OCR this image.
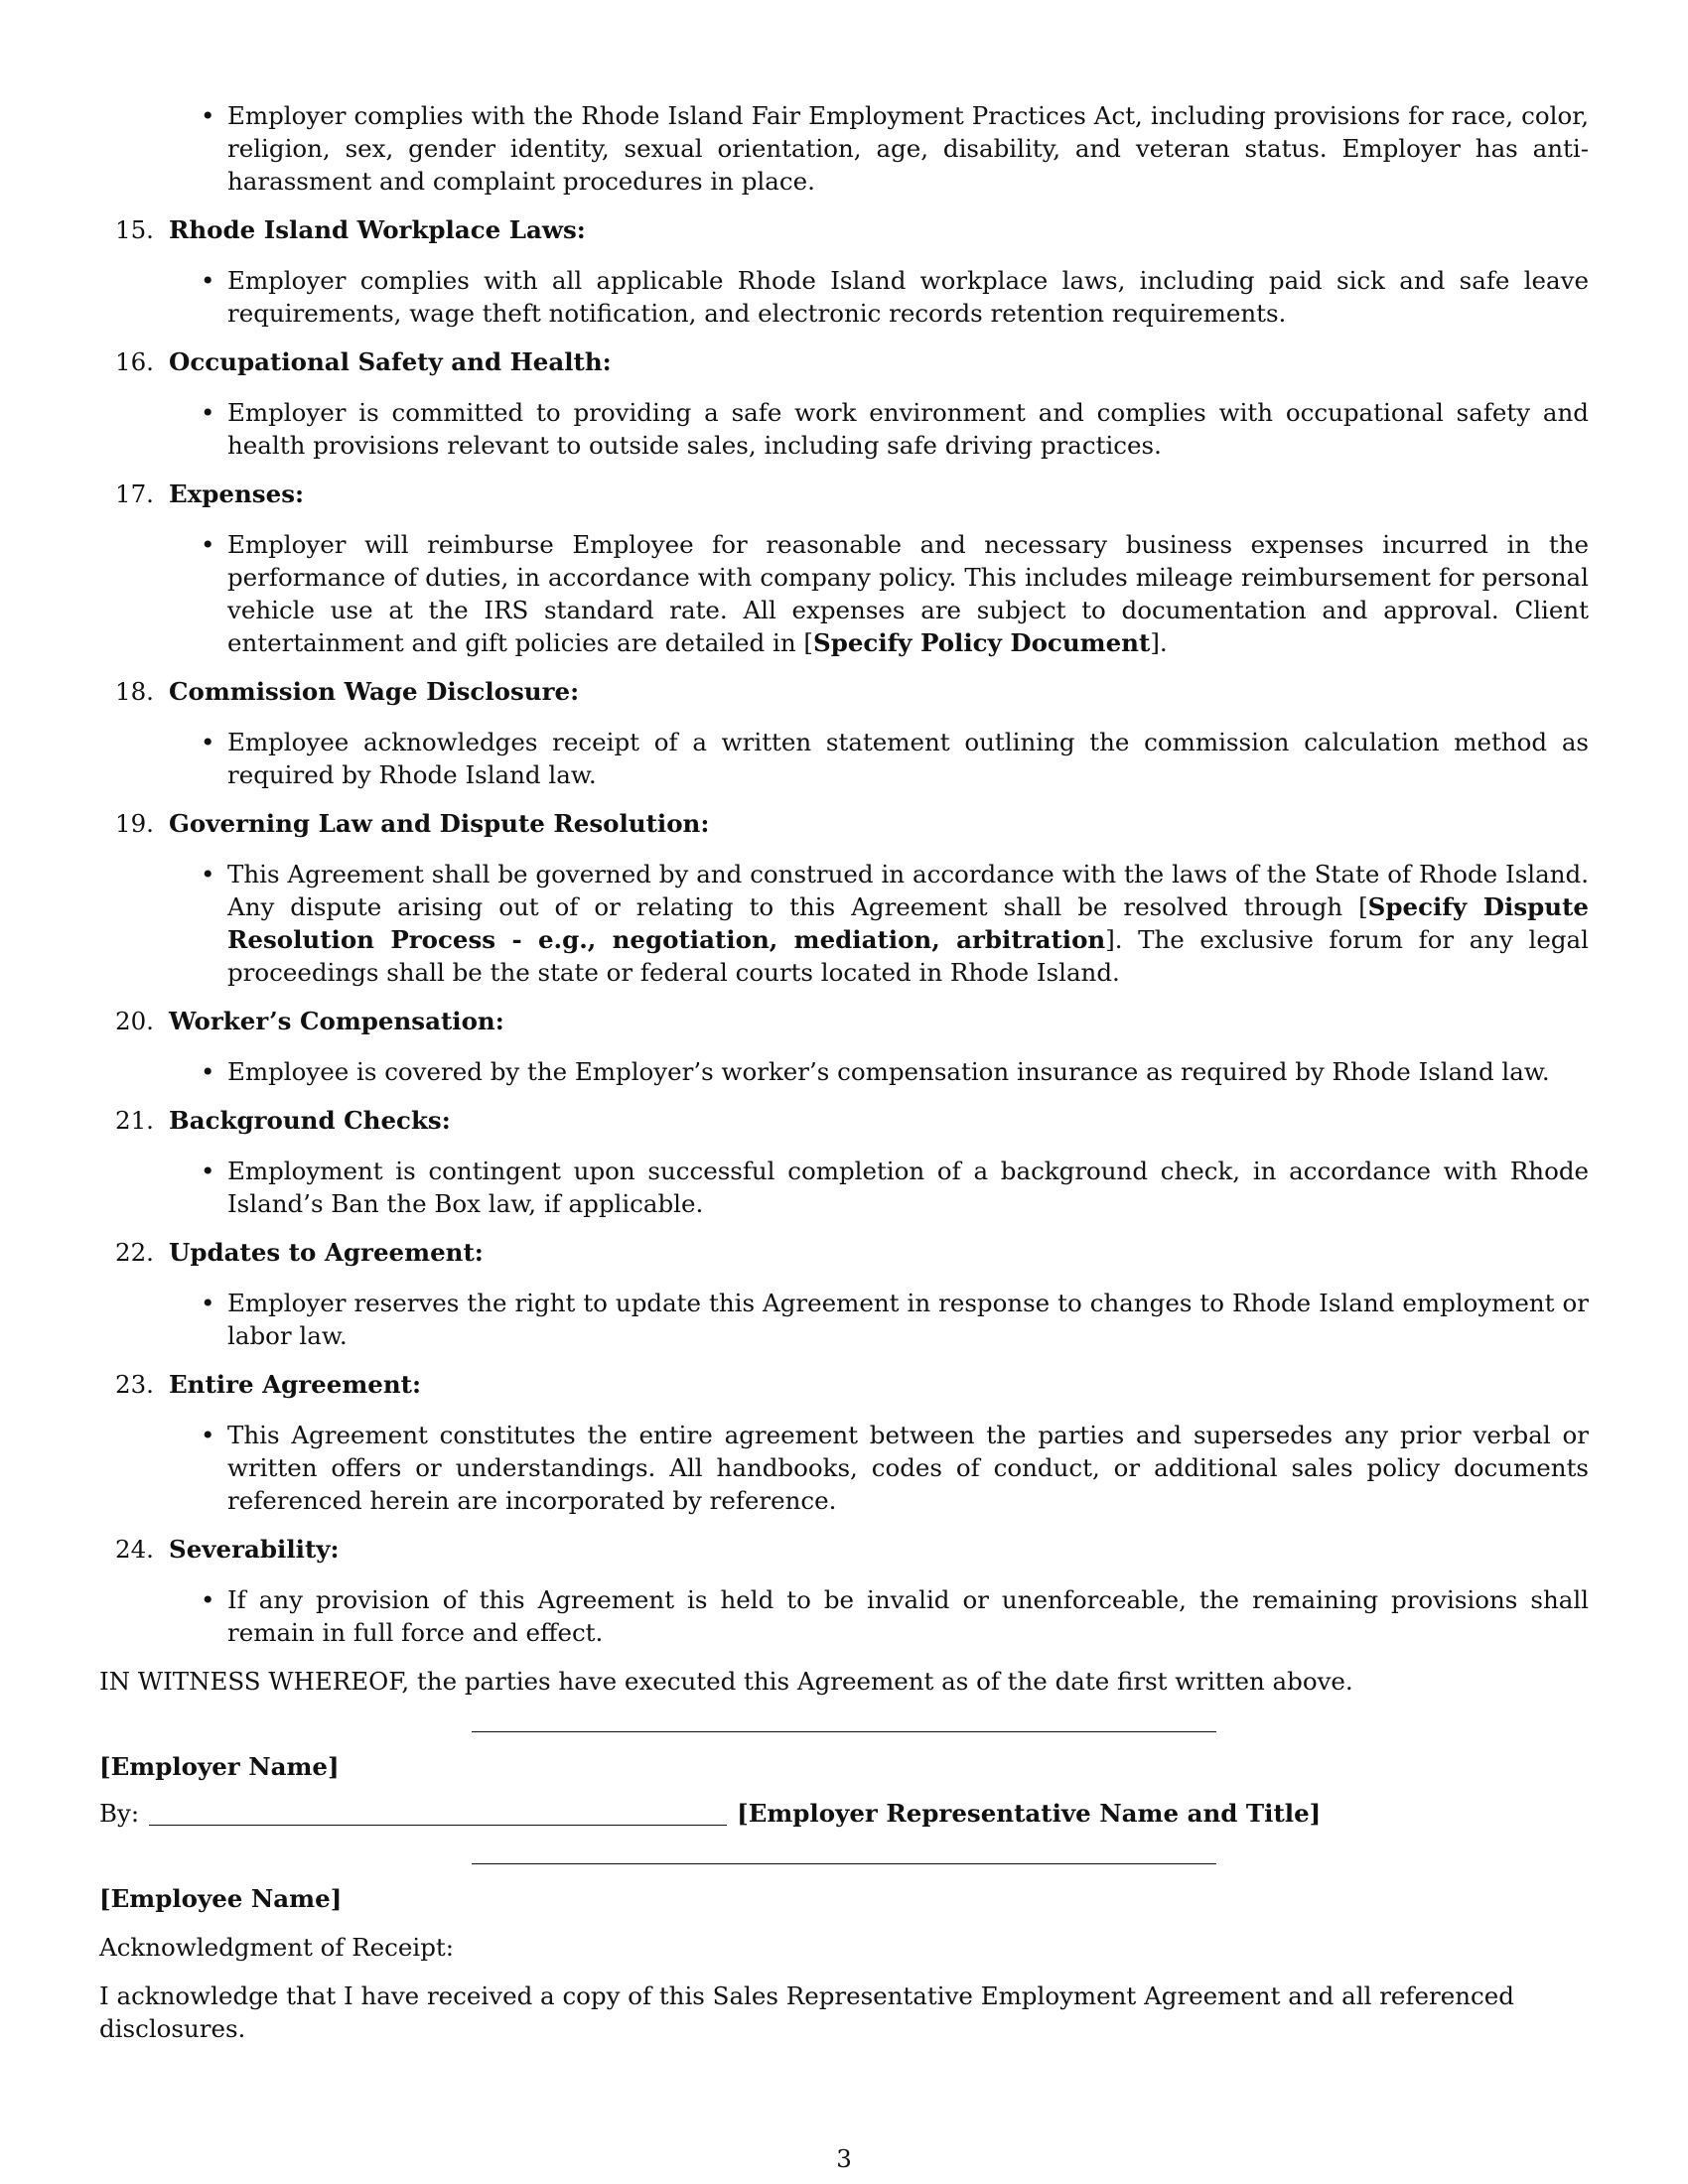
• Employer complies with the Rhode Island Fair Employment Practices Act, including provisions for race, color, religion, sex, gender identity, sexual orientation, age, disability, and veteran status. Employer has anti-harassment and complaint procedures in place.

15. Rhode Island Workplace Laws:

• Employer complies with all applicable Rhode Island workplace laws, including paid sick and safe leave requirements, wage theft notification, and electronic records retention requirements.

16. Occupational Safety and Health:

• Employer is committed to providing a safe work environment and complies with occupational safety and health provisions relevant to outside sales, including safe driving practices.

17. Expenses:

• Employer will reimburse Employee for reasonable and necessary business expenses incurred in the performance of duties, in accordance with company policy. This includes mileage reimbursement for personal vehicle use at the IRS standard rate. All expenses are subject to documentation and approval. Client entertainment and gift policies are detailed in [Specify Policy Document].

18. Commission Wage Disclosure:

• Employee acknowledges receipt of a written statement outlining the commission calculation method as required by Rhode Island law.

19. Governing Law and Dispute Resolution:

• This Agreement shall be governed by and construed in accordance with the laws of the State of Rhode Island. Any dispute arising out of or relating to this Agreement shall be resolved through [Specify Dispute Resolution Process - e.g., negotiation, mediation, arbitration]. The exclusive forum for any legal proceedings shall be the state or federal courts located in Rhode Island.

20. Worker’s Compensation:

• Employee is covered by the Employer’s worker’s compensation insurance as required by Rhode Island law.

21. Background Checks:

• Employment is contingent upon successful completion of a background check, in accordance with Rhode Island’s Ban the Box law, if applicable.

22. Updates to Agreement:

• Employer reserves the right to update this Agreement in response to changes to Rhode Island employment or labor law.

23. Entire Agreement:

• This Agreement constitutes the entire agreement between the parties and supersedes any prior verbal or written offers or understandings. All handbooks, codes of conduct, or additional sales policy documents referenced herein are incorporated by reference.

24. Severability:

• If any provision of this Agreement is held to be invalid or unenforceable, the remaining provisions shall remain in full force and effect.

IN WITNESS WHEREOF, the parties have executed this Agreement as of the date first written above.

[Employer Name]
By:	[Employer Representative Name and Title]
[Employee Name]
Acknowledgment of Receipt:
I acknowledge that I have received a copy of this Sales Representative Employment Agreement and all referenced disclosures.
3
